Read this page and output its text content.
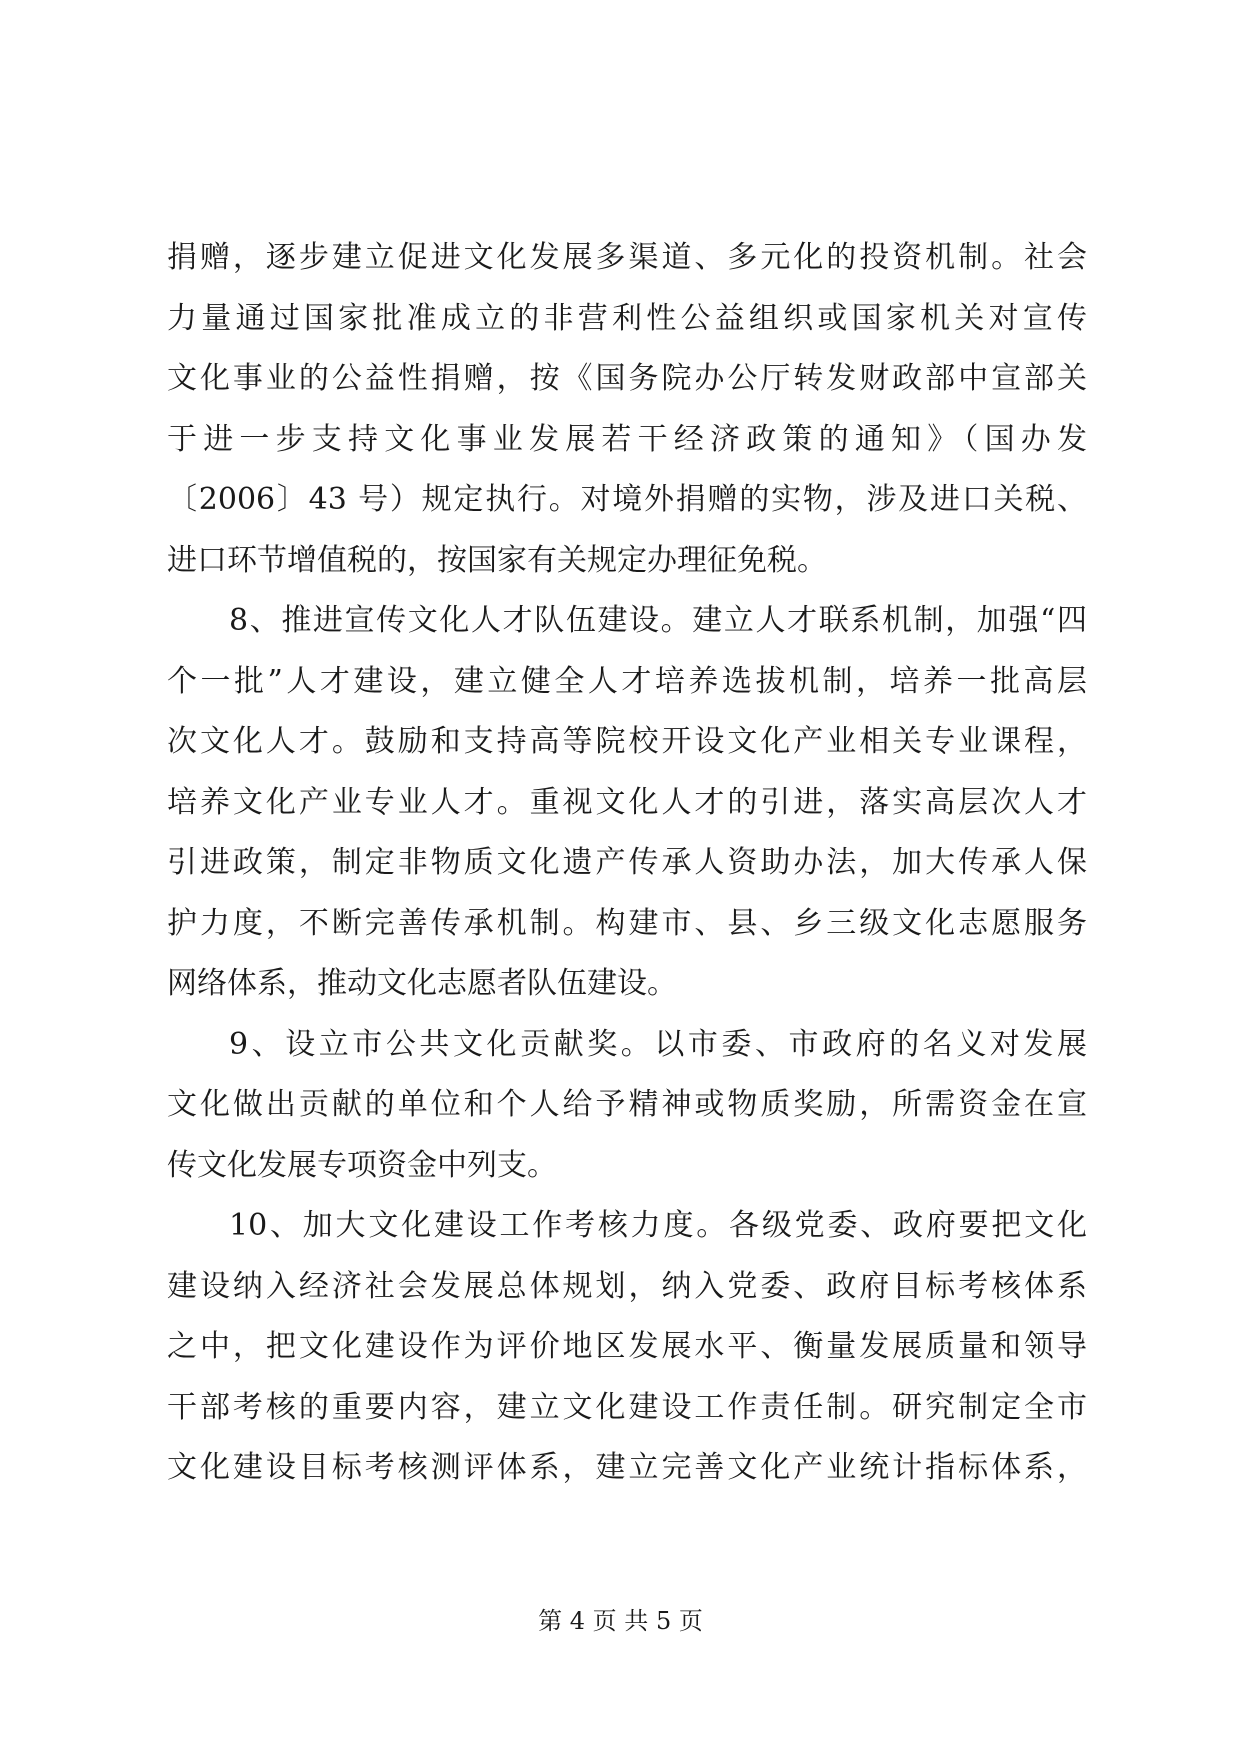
捐赠，逐步建立促进文化发展多渠道、多元化的投资机制。社会
力量通过国家批准成立的非营利性公益组织或国家机关对宣传
文化事业的公益性捐赠，按《国务院办公厅转发财政部中宣部关
于进一步支持文化事业发展若干经济政策的通知》（国办发
〔2006〕43 号）规定执行。对境外捐赠的实物，涉及进口关税、
进口环节增值税的，按国家有关规定办理征免税。
8、推进宣传文化人才队伍建设。建立人才联系机制，加强“四
个一批”人才建设，建立健全人才培养选拔机制，培养一批高层
次文化人才。鼓励和支持高等院校开设文化产业相关专业课程，
培养文化产业专业人才。重视文化人才的引进，落实高层次人才
引进政策，制定非物质文化遗产传承人资助办法，加大传承人保
护力度，不断完善传承机制。构建市、县、乡三级文化志愿服务
网络体系，推动文化志愿者队伍建设。
9、设立市公共文化贡献奖。以市委、市政府的名义对发展
文化做出贡献的单位和个人给予精神或物质奖励，所需资金在宣
传文化发展专项资金中列支。
10、加大文化建设工作考核力度。各级党委、政府要把文化
建设纳入经济社会发展总体规划，纳入党委、政府目标考核体系
之中，把文化建设作为评价地区发展水平、衡量发展质量和领导
干部考核的重要内容，建立文化建设工作责任制。研究制定全市
文化建设目标考核测评体系，建立完善文化产业统计指标体系，
第 4 页 共 5 页
